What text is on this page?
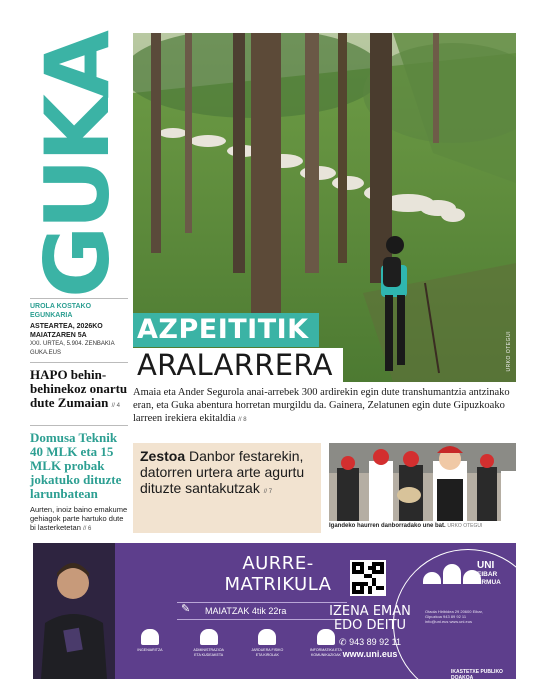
GUKA
UROLA KOSTAKO
EGUNKARIA
ASTEARTEA, 2026KO
MAIATZAREN 5A
XXI. URTEA, 5.904. ZENBAKIA
GUKA.EUS
HAPO behin-behinekoz onartu dute Zumaian // 4
Domusa Teknik 40 MLK eta 15 MLK probak jokatuko dituzte larunbatean
Aurten, inoiz baino emakume gehiagok parte hartuko dute bi lasterketetan // 6
URKO OTEGUI
AZPEITITIK
ARALARRERA
Amaia eta Ander Segurola anai-arrebek 300 ardirekin egin dute transhumantzia antzinako eran, eta Guka abentura horretan murgildu da. Gainera, Zelatunen egin dute Gipuzkoako larreen irekiera ekitaldia // 8
Zestoa Danbor festarekin, datorren urtera arte agurtu dituzte santakutzak // 7
Igandeko haurren danborradako une bat. URKO OTEGUI
AURRE-
MATRIKULA
✎ MAIATZAK 4tik 22ra
INGENIARITZA	ADMINISTRAZIOA ETA KUDEAKETA
JARDUERA FISIKO ETA KIROLAK
INFORMATIKA ETA KOMUNIKAZIOAK
IZENA EMAN
EDO DEITU
✆ 943 89 92 11
www.uni.eus
UNI
EIBAR
ERMUA
Otaola Hiribidea 29 20600 Eibar, Gipuzkoa 943 89 92 11 info@uni.eus www.uni.eus
IKASTETXE PUBLIKO DOAKOA
